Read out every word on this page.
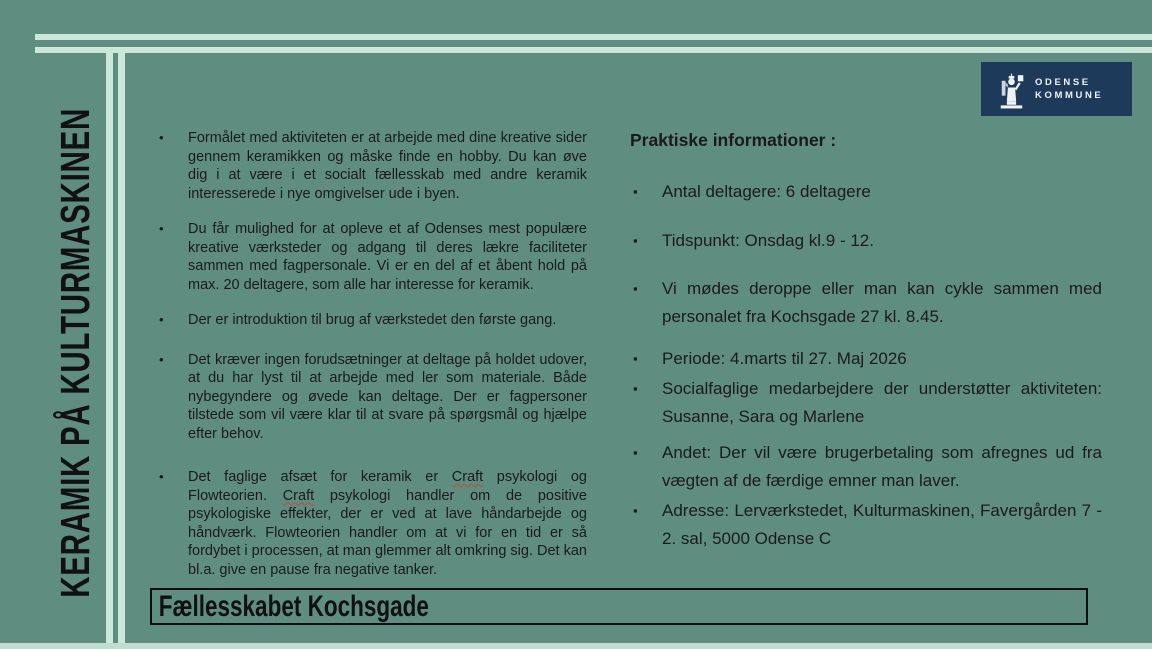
KERAMIK PÅ KULTURMASKINEN
ODENSE
KOMMUNE
•	Formålet med aktiviteten er at arbejde med dine kreative sider gennem keramikken og måske finde en hobby. Du kan øve dig i at være i et socialt fællesskab med andre keramik interesserede i nye omgivelser ude i byen.

•	Du får mulighed for at opleve et af Odenses mest populære kreative værksteder og adgang til deres lækre faciliteter sammen med fagpersonale. Vi er en del af et åbent hold på max. 20 deltagere, som alle har interesse for keramik.

•	Der er introduktion til brug af værkstedet den første gang.

•	Det kræver ingen forudsætninger at deltage på holdet udover, at du har lyst til at arbejde med ler som materiale. Både nybegyndere og øvede kan deltage. Der er fagpersoner tilstede som vil være klar til at svare på spørgsmål og hjælpe efter behov.

•	Det faglige afsæt for keramik er Craft psykologi og Flowteorien. Craft psykologi handler om de positive psykologiske effekter, der er ved at lave håndarbejde og håndværk. Flowteorien handler om at vi for en tid er så fordybet i processen, at man glemmer alt omkring sig. Det kan bl.a. give en pause fra negative tanker.

Praktiske informationer :
▪	Antal deltagere: 6 deltagere

▪	Tidspunkt: Onsdag kl.9 - 12.

▪	Vi mødes deroppe eller man kan cykle sammen med personalet fra Kochsgade 27 kl. 8.45.

▪	Periode: 4.marts til 27. Maj 2026

▪	Socialfaglige medarbejdere der understøtter aktiviteten: Susanne, Sara og Marlene

▪	Andet: Der vil være brugerbetaling som afregnes ud fra vægten af de færdige emner man laver.

▪	Adresse: Lerværkstedet, Kulturmaskinen, Favergården 7 - 2. sal, 5000 Odense C

Fællesskabet Kochsgade
